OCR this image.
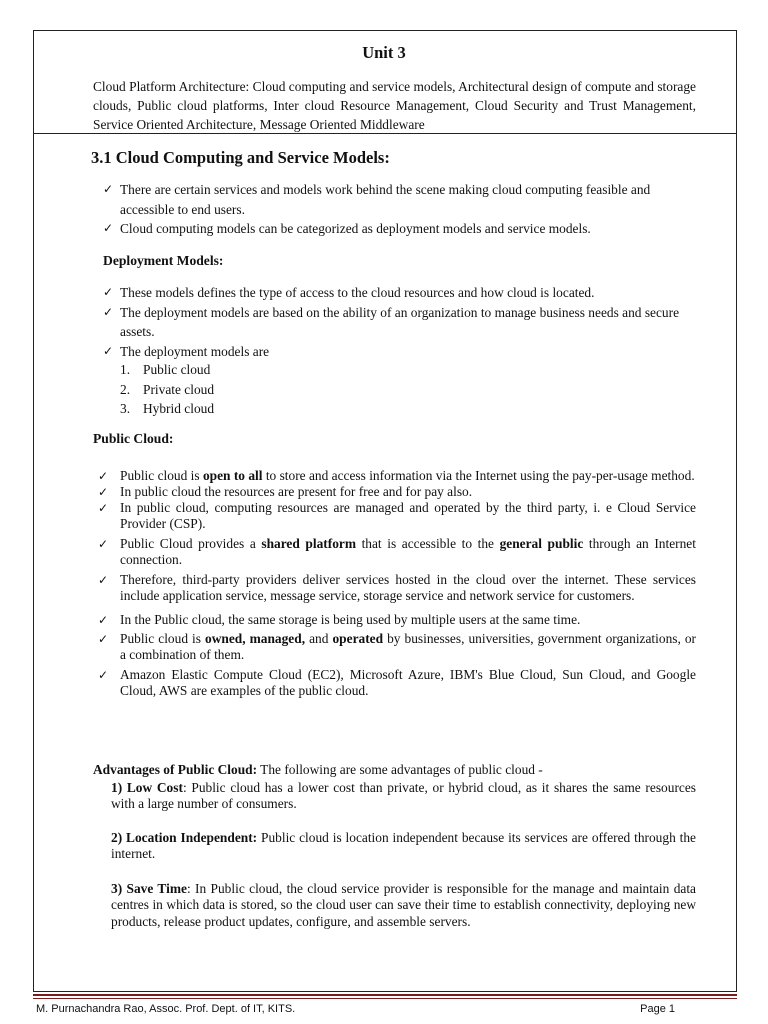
Unit 3
Cloud Platform Architecture: Cloud computing and service models, Architectural design of compute and storage clouds, Public cloud platforms, Inter cloud Resource Management, Cloud Security and Trust Management, Service Oriented Architecture, Message Oriented Middleware
3.1 Cloud Computing and Service Models:
✓ There are certain services and models work behind the scene making cloud computing feasible and accessible to end users.
✓ Cloud computing models can be categorized as deployment models and service models.
Deployment Models:
✓ These models defines the type of access to the cloud resources and how cloud is located.
✓ The deployment models are based on the ability of an organization to manage business needs and secure assets.
✓ The deployment models are
1. Public cloud
2. Private cloud
3. Hybrid cloud
Public Cloud:
✓ Public cloud is open to all to store and access information via the Internet using the pay-per-usage method.
✓ In public cloud the resources are present for free and for pay also.
✓ In public cloud, computing resources are managed and operated by the third party, i. e Cloud Service Provider (CSP).
✓ Public Cloud provides a shared platform that is accessible to the general public through an Internet connection.
✓ Therefore, third-party providers deliver services hosted in the cloud over the internet. These services include application service, message service, storage service and network service for customers.
✓ In the Public cloud, the same storage is being used by multiple users at the same time.
✓ Public cloud is owned, managed, and operated by businesses, universities, government organizations, or a combination of them.
✓ Amazon Elastic Compute Cloud (EC2), Microsoft Azure, IBM's Blue Cloud, Sun Cloud, and Google Cloud, AWS are examples of the public cloud.
Advantages of Public Cloud: The following are some advantages of public cloud -
1) Low Cost: Public cloud has a lower cost than private, or hybrid cloud, as it shares the same resources with a large number of consumers.
2) Location Independent: Public cloud is location independent because its services are offered through the internet.
3) Save Time: In Public cloud, the cloud service provider is responsible for the manage and maintain data centres in which data is stored, so the cloud user can save their time to establish connectivity, deploying new products, release product updates, configure, and assemble servers.
M. Purnachandra Rao, Assoc. Prof. Dept. of IT, KITS.	Page 1
